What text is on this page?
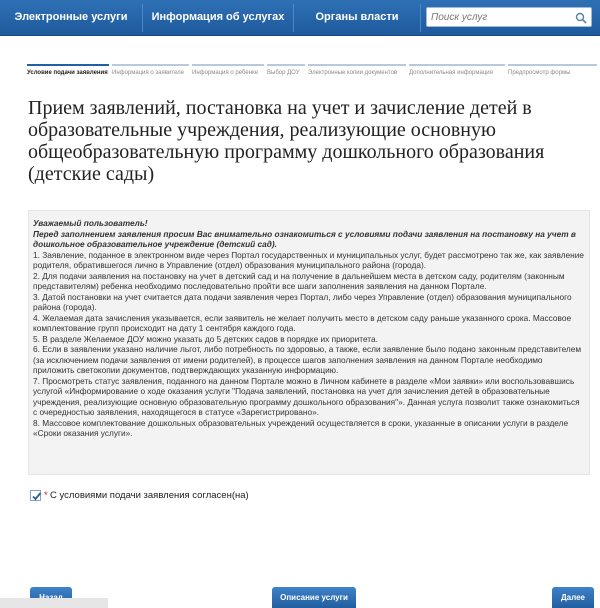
Электронные услуги	Информация об услугах	Органы власти
Поиск услуг
Условие подачи заявления Информация о заявителе	Информация о ребенке	Выбор ДОУ	Электронные копии документов	Дополнительная информация	Предпросмотр формы
Прием заявлений, постановка на учет и зачисление детей в образовательные учреждения, реализующие основную общеобразовательную программу дошкольного образования (детские сады)
Уважаемый пользователь!
Перед заполнением заявления просим Вас внимательно ознакомиться с условиями подачи заявления на постановку на учет в дошкольное образовательное учреждение (детский сад).
1. Заявление, поданное в электронном виде через Портал государственных и муниципальных услуг, будет рассмотрено так же, как заявление родителя, обратившегося лично в Управление (отдел) образования муниципального района (города).
2. Для подачи заявления на постановку на учет в детский сад и на получение в дальнейшем места в детском саду, родителям (законным представителям) ребенка необходимо последовательно пройти все шаги заполнения заявления на данном Портале.
3. Датой постановки на учет считается дата подачи заявления через Портал, либо через Управление (отдел) образования муниципального района (города).
4. Желаемая дата зачисления указывается, если заявитель не желает получить место в детском саду раньше указанного срока. Массовое комплектование групп происходит на дату 1 сентября каждого года.
5. В разделе Желаемое ДОУ можно указать до 5 детских садов в порядке их приоритета.
6. Если в заявлении указано наличие льгот, либо потребность по здоровью, а также, если заявление было подано законным представителем (за исключением подачи заявления от имени родителей), в процессе шагов заполнения заявления на данном Портале необходимо приложить светокопии документов, подтверждающих указанную информацию.
7. Просмотреть статус заявления, поданного на данном Портале можно в Личном кабинете в разделе «Мои заявки» или воспользовавшись услугой «Информирование о ходе оказания услуги "Подача заявлений, постановка на учет для зачисления детей в образовательные учреждения, реализующие основную образовательную программу дошкольного образования"». Данная услуга позволит также ознакомиться с очередностью заявления, находящегося в статусе «Зарегистрировано».
8. Массовое комплектование дошкольных образовательных учреждений осуществляется в сроки, указанные в описании услуги в разделе «Сроки оказания услуги».
* С условиями подачи заявления согласен(на)
Описание услуги	Далее
